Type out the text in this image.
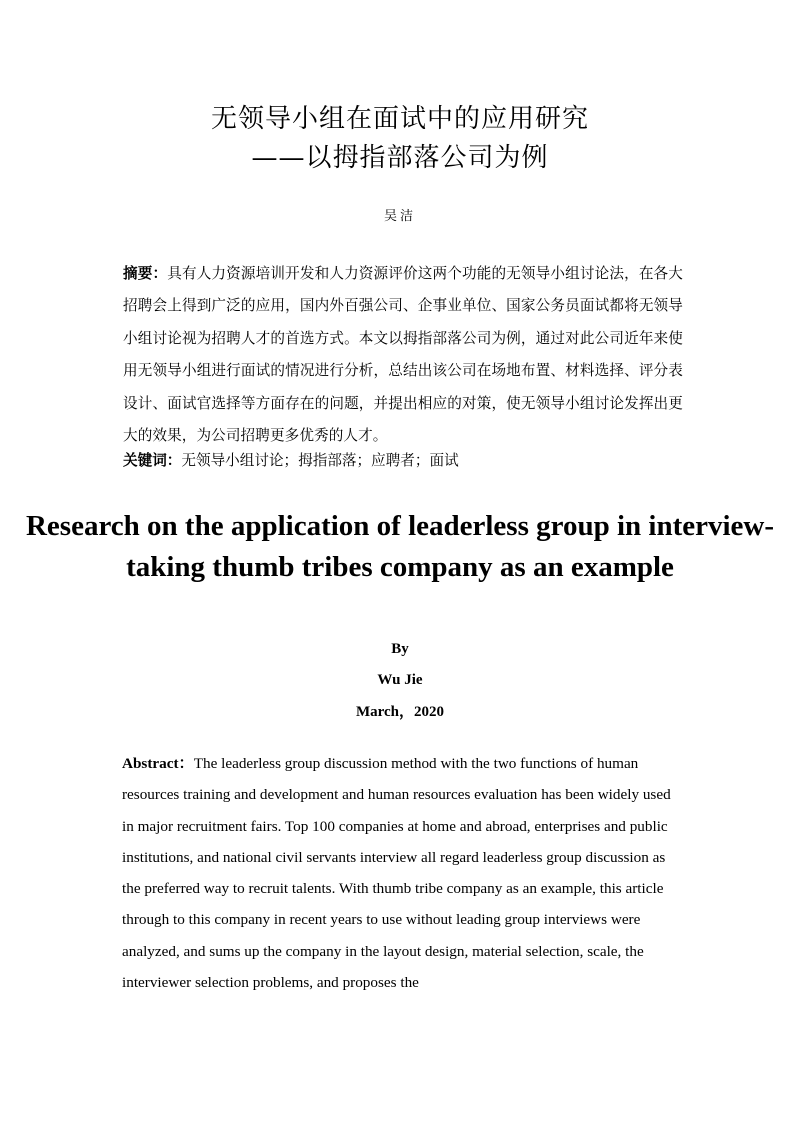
无领导小组在面试中的应用研究
——以拇指部落公司为例
吴洁
摘要：具有人力资源培训开发和人力资源评价这两个功能的无领导小组讨论法，在各大招聘会上得到广泛的应用，国内外百强公司、企事业单位、国家公务员面试都将无领导小组讨论视为招聘人才的首选方式。本文以拇指部落公司为例，通过对此公司近年来使用无领导小组进行面试的情况进行分析，总结出该公司在场地布置、材料选择、评分表设计、面试官选择等方面存在的问题，并提出相应的对策，使无领导小组讨论发挥出更大的效果，为公司招聘更多优秀的人才。
关键词：无领导小组讨论；拇指部落；应聘者；面试
Research on the application of leaderless group in interview- taking thumb tribes company as an example
By
Wu Jie
March，2020
Abstract：The leaderless group discussion method with the two functions of human resources training and development and human resources evaluation has been widely used in major recruitment fairs. Top 100 companies at home and abroad, enterprises and public institutions, and national civil servants interview all regard leaderless group discussion as the preferred way to recruit talents. With thumb tribe company as an example, this article through to this company in recent years to use without leading group interviews were analyzed, and sums up the company in the layout design, material selection, scale, the interviewer selection problems, and proposes the
